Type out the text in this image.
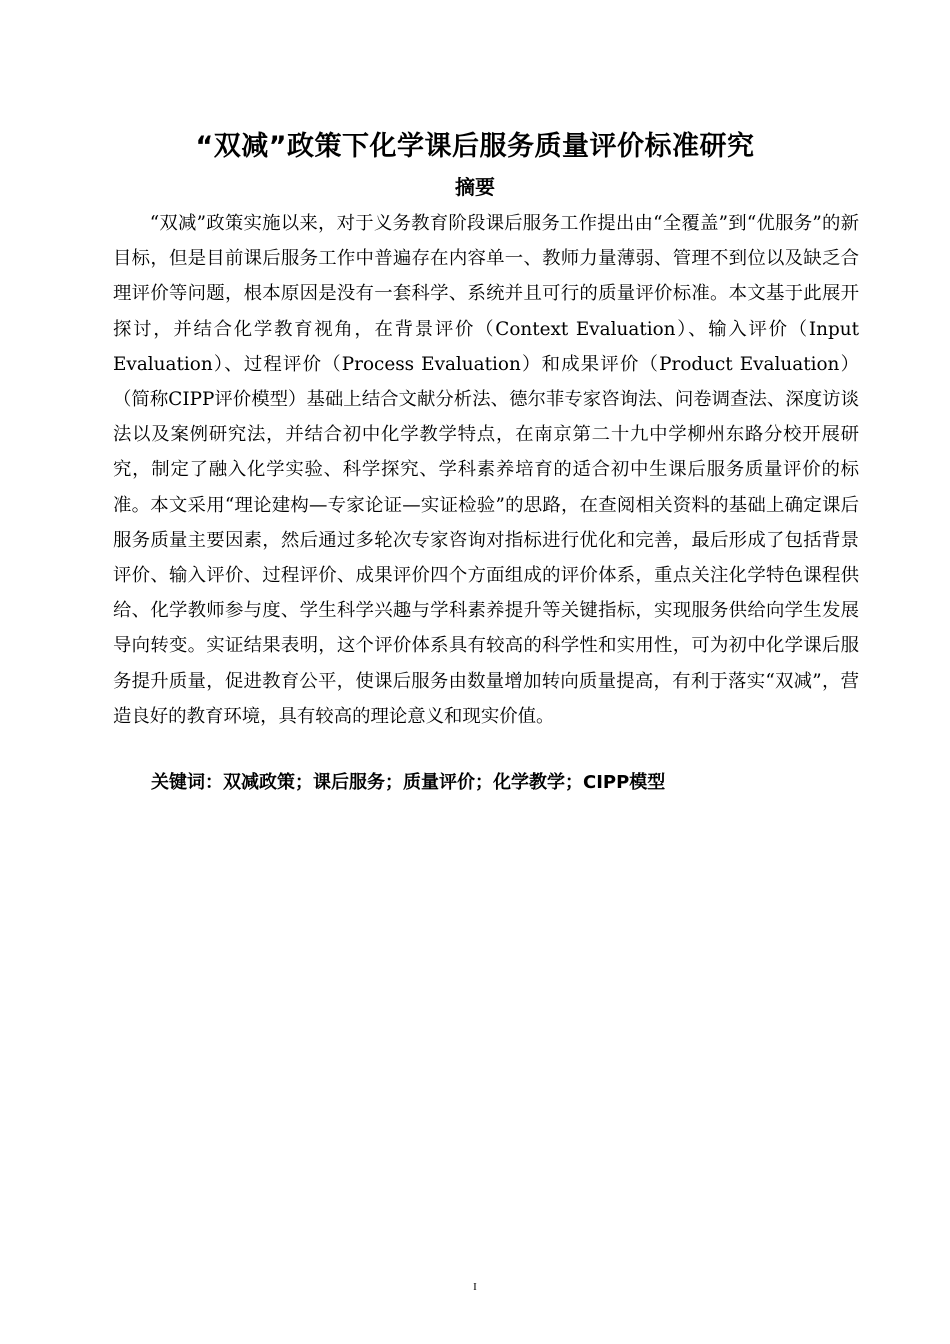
“双减”政策下化学课后服务质量评价标准研究
摘要

“双减”政策实施以来，对于义务教育阶段课后服务工作提出由“全覆盖”到“优服务”的新目标，但是目前课后服务工作中普遍存在内容单一、教师力量薄弱、管理不到位以及缺乏合理评价等问题，根本原因是没有一套科学、系统并且可行的质量评价标准。本文基于此展开探讨，并结合化学教育视角，在背景评价（Context Evaluation）、输入评价（Input Evaluation）、过程评价（Process Evaluation）和成果评价（Product Evaluation）（简称CIPP评价模型）基础上结合文献分析法、德尔菲专家咨询法、问卷调查法、深度访谈法以及案例研究法，并结合初中化学教学特点，在南京第二十九中学柳州东路分校开展研究，制定了融入化学实验、科学探究、学科素养培育的适合初中生课后服务质量评价的标准。本文采用“理论建构—专家论证—实证检验”的思路，在查阅相关资料的基础上确定课后服务质量主要因素，然后通过多轮次专家咨询对指标进行优化和完善，最后形成了包括背景评价、输入评价、过程评价、成果评价四个方面组成的评价体系，重点关注化学特色课程供给、化学教师参与度、学生科学兴趣与学科素养提升等关键指标，实现服务供给向学生发展导向转变。实证结果表明，这个评价体系具有较高的科学性和实用性，可为初中化学课后服务提升质量，促进教育公平，使课后服务由数量增加转向质量提高，有利于落实“双减”，营造良好的教育环境，具有较高的理论意义和现实价值。

关键词：双减政策；课后服务；质量评价；化学教学；CIPP模型

I
